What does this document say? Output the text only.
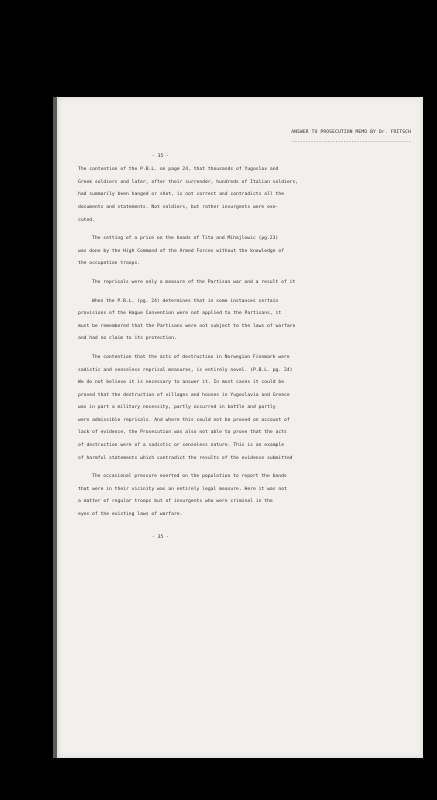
ANSWER TO PROSECUTION MEMO BY Dr. FRITSCH
--------------------------------------------
- 35 -
The contention of the P.B.L. on page 24, that thousands of Yugoslav and
Greek soldiers and later, after their surrender, hundreds of Italian soldiers,
had summarily been hanged or shot, is not correct and contradicts all the
documents and statements. Not soldiers, but rather insurgents were exe-
cuted.
The setting of a price on the heads of Tito and Mihajlowic (pg.23)
was done by the High Command of the Armed Forces without the knowledge of
the occupation troops.
The reprisals were only a measure of the Partisan war and a result of it
When the P.B.L. (pg. 24) determines that in some instances certain
provisions of the Hague Convention were not applied to the Partisans, it
must be remembered that the Partisans were not subject to the laws of warfare
and had no claim to its protection.
The contention that the acts of destruction in Norwegian Finnmark were
sadistic and senseless reprisal measures, is entirely novel. (P.B.L. pg. 24)
We do not believe it is necessary to answer it. In most cases it could be
proved that the destruction of villages and houses in Yugoslavia and Greece
was in part a military necessity, partly occurred in battle and partly
were admissible reprisals. And where this could not be proved on account of
lack of evidence, the Prosecution was also not able to prove that the acts
of destruction were of a sadistic or senseless nature. This is an example
of harmful statements which contradict the results of the evidence submitted
The occasional pressure exerted on the population to report the bands
that were in their vicinity was an entirely legal measure. Here it was not
a matter of regular troops but of insurgents who were criminal in the
eyes of the existing laws of warfare.
- 35 -
